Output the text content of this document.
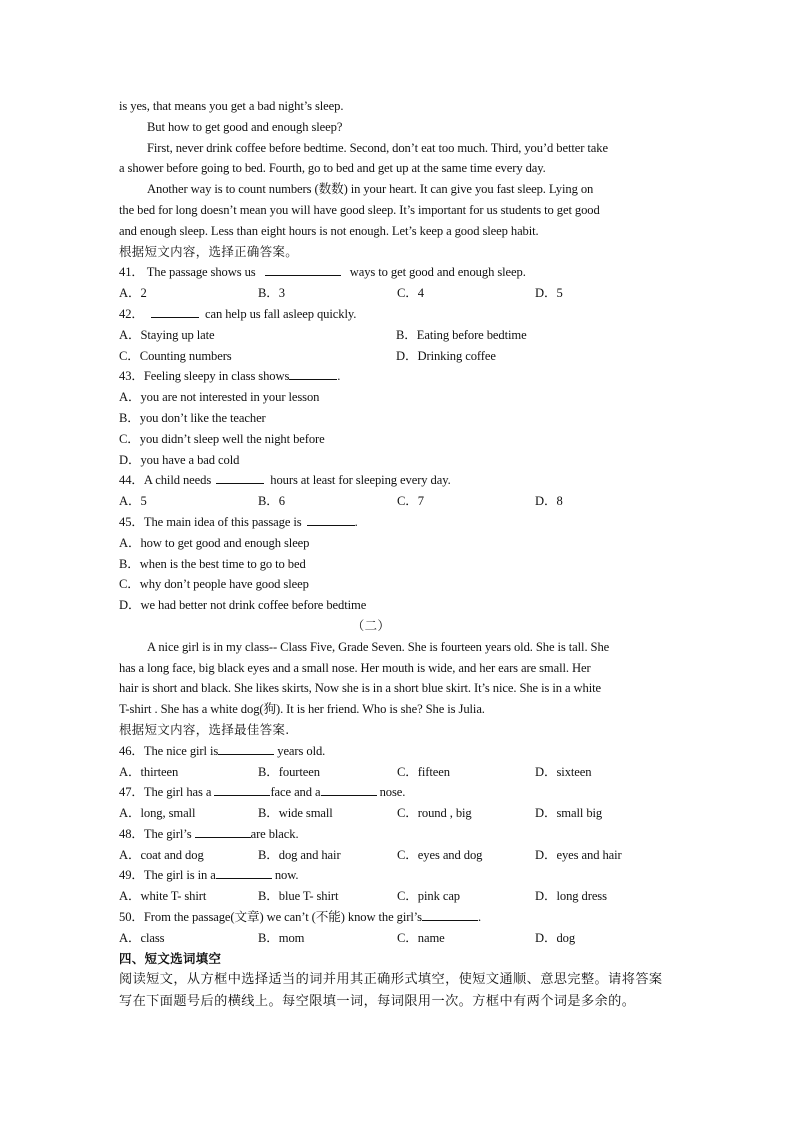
is yes, that means you get a bad night’s sleep.
But how to get good and enough sleep?
First, never drink coffee before bedtime. Second, don’t eat too much. Third, you’d better take
a shower before going to bed. Fourth, go to bed and get up at the same time every day.
Another way is to count numbers (数数) in your heart. It can give you fast sleep. Lying on
the bed for long doesn’t mean you will have good sleep. It’s important for us students to get good
and enough sleep. Less than eight hours is not enough. Let’s keep a good sleep habit.
根据短文内容，选择正确答案。
41． The passage shows us	ways to get good and enough sleep.
A．2	B．3	C．4	D．5
42．	can help us fall asleep quickly.
A．Staying up late	B．Eating before bedtime
C．Counting numbers	D．Drinking coffee
43．Feeling sleepy in class shows	.
A．you are not interested in your lesson
B．you don’t like the teacher
C．you didn’t sleep well the night before
D．you have a bad cold
44．A child needs	hours at least for sleeping every day.
A．5	B．6	C．7	D．8
45．The main idea of this passage is	.
A．how to get good and enough sleep
B．when is the best time to go to bed
C．why don’t people have good sleep
D．we had better not drink coffee before bedtime
（二）
A nice girl is in my class-- Class Five, Grade Seven. She is fourteen years old. She is tall. She
has a long face, big black eyes and a small nose. Her mouth is wide, and her ears are small. Her
hair is short and black. She likes skirts, Now she is in a short blue skirt. It’s nice. She is in a white
T-shirt . She has a white dog(狗). It is her friend. Who is she? She is Julia.
根据短文内容，选择最佳答案.
46．The nice girl is	years old.
A．thirteen	B．fourteen	C．fifteen	D．sixteen
47．The girl has a	face and a	nose.
A．long, small	B．wide small	C．round , big	D．small big
48．The girl’s	are black.
A．coat and dog	B．dog and hair	C．eyes and dog	D．eyes and hair
49．The girl is in a	now.
A．white T- shirt	B．blue T- shirt	C．pink cap	D．long dress
50．From the passage(文章) we can’t (不能) know the girl’s	.
A．class	B．mom	C．name	D．dog
四、短文选词填空
阅读短文，从方框中选择适当的词并用其正确形式填空，使短文通顺、意思完整。请将答案
写在下面题号后的横线上。每空限填一词，每词限用一次。方框中有两个词是多余的。
